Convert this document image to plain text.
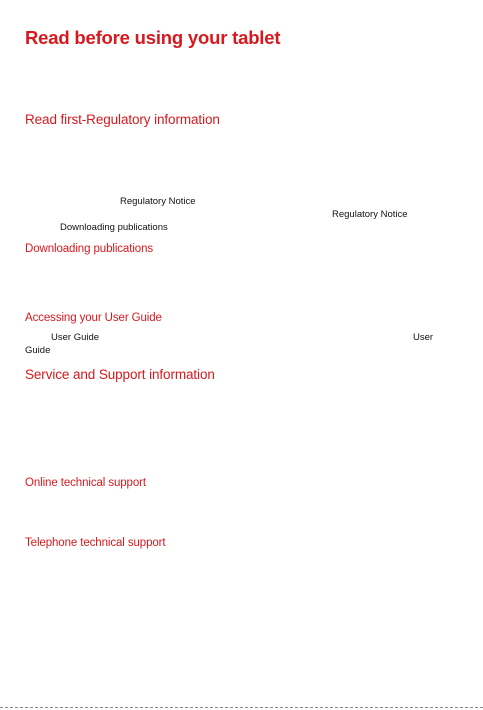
Read before using your tablet
Read first-Regulatory information
Regulatory Notice
Regulatory Notice
Downloading publications
Downloading publications
Accessing your User Guide
User Guide	User
Guide
Service and Support information
Online technical support
Telephone technical support
